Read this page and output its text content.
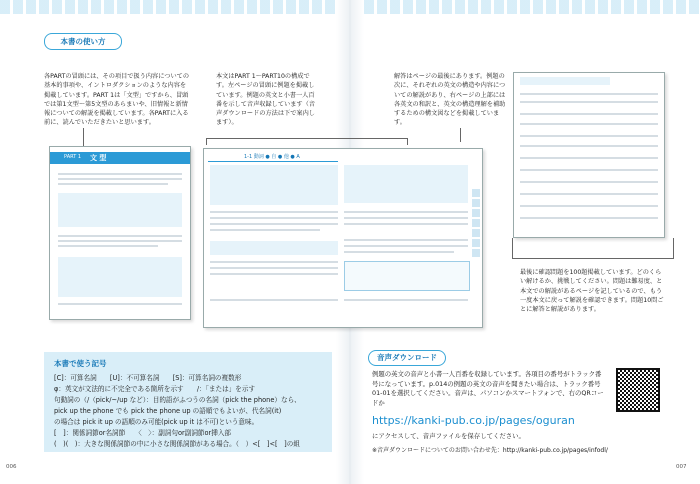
本書の使い方
各PARTの冒頭には、その項目で扱う内容についての基本的事項や、イントロダクションのような内容を掲載しています。PART 1は「文型」ですから、冒頭では第1文型〜第5文型のあらまいや、旧情報と新情報についての解説を掲載しています。各PARTに入る前に、読んでいただきたいと思います。
本文はPART 1〜PART10の構成です。左ページの冒頭に例題を掲載しています。例題の英文と小書一人百番を示して音声収録しています（音声ダウンロードの方法は下で案内します）。
解答はページの最後にあります。例題の次に、それぞれの英文の構造や内容についての解説があり、右ページの上部には各英文の和訳と、英文の構造理解を補助するための構文図などを掲載しています。
PART 1 文 型	1-1 動詞 ● 自 ● 他 ● A
最後に確認問題を100題掲載しています。どのくらい解けるか、挑戦してください。問題は難易度、と本文での解説があるページを記しているので、もう一度本文に戻って解説を確認できます。問題10問ごとに解答と解説があります。
本書で使う記号
[C]：可算名詞　　[U]：不可算名詞　　[S]：可算名詞の複数形
φ：英文が文法的に不完全である箇所を示す　　/：「または」を示す
句動詞の（/（pick/~/up など）：目的語がふつうの名詞（pick the phone）なら、
pick up the phone でも pick the phone up の語順でもよいが、代名詞(it)
の場合は pick it up の語順のみ可能(pick up it は不可)という意味。
[　]：関係詞節or名詞節　　〈　〉：副詞句or副詞節or挿入部
(　)(　)：大きな関係詞節の中に小さな関係詞節がある場合。（　）<[　]<[　]の組
音声ダウンロード
例題の英文の音声と小書一人百番を収録しています。各項目の番号がトラック番号になっています。p.014の例題の英文の音声を聞きたい場合は、トラック番号01-01を選択してください。音声は、パソコンかスマートフォンで、右のQRコードか
https://kanki-pub.co.jp/pages/oguran
にアクセスして、音声ファイルを保存してください。
※音声ダウンロードについてのお問い合わせ先：http://kanki-pub.co.jp/pages/infodl/
006	007
